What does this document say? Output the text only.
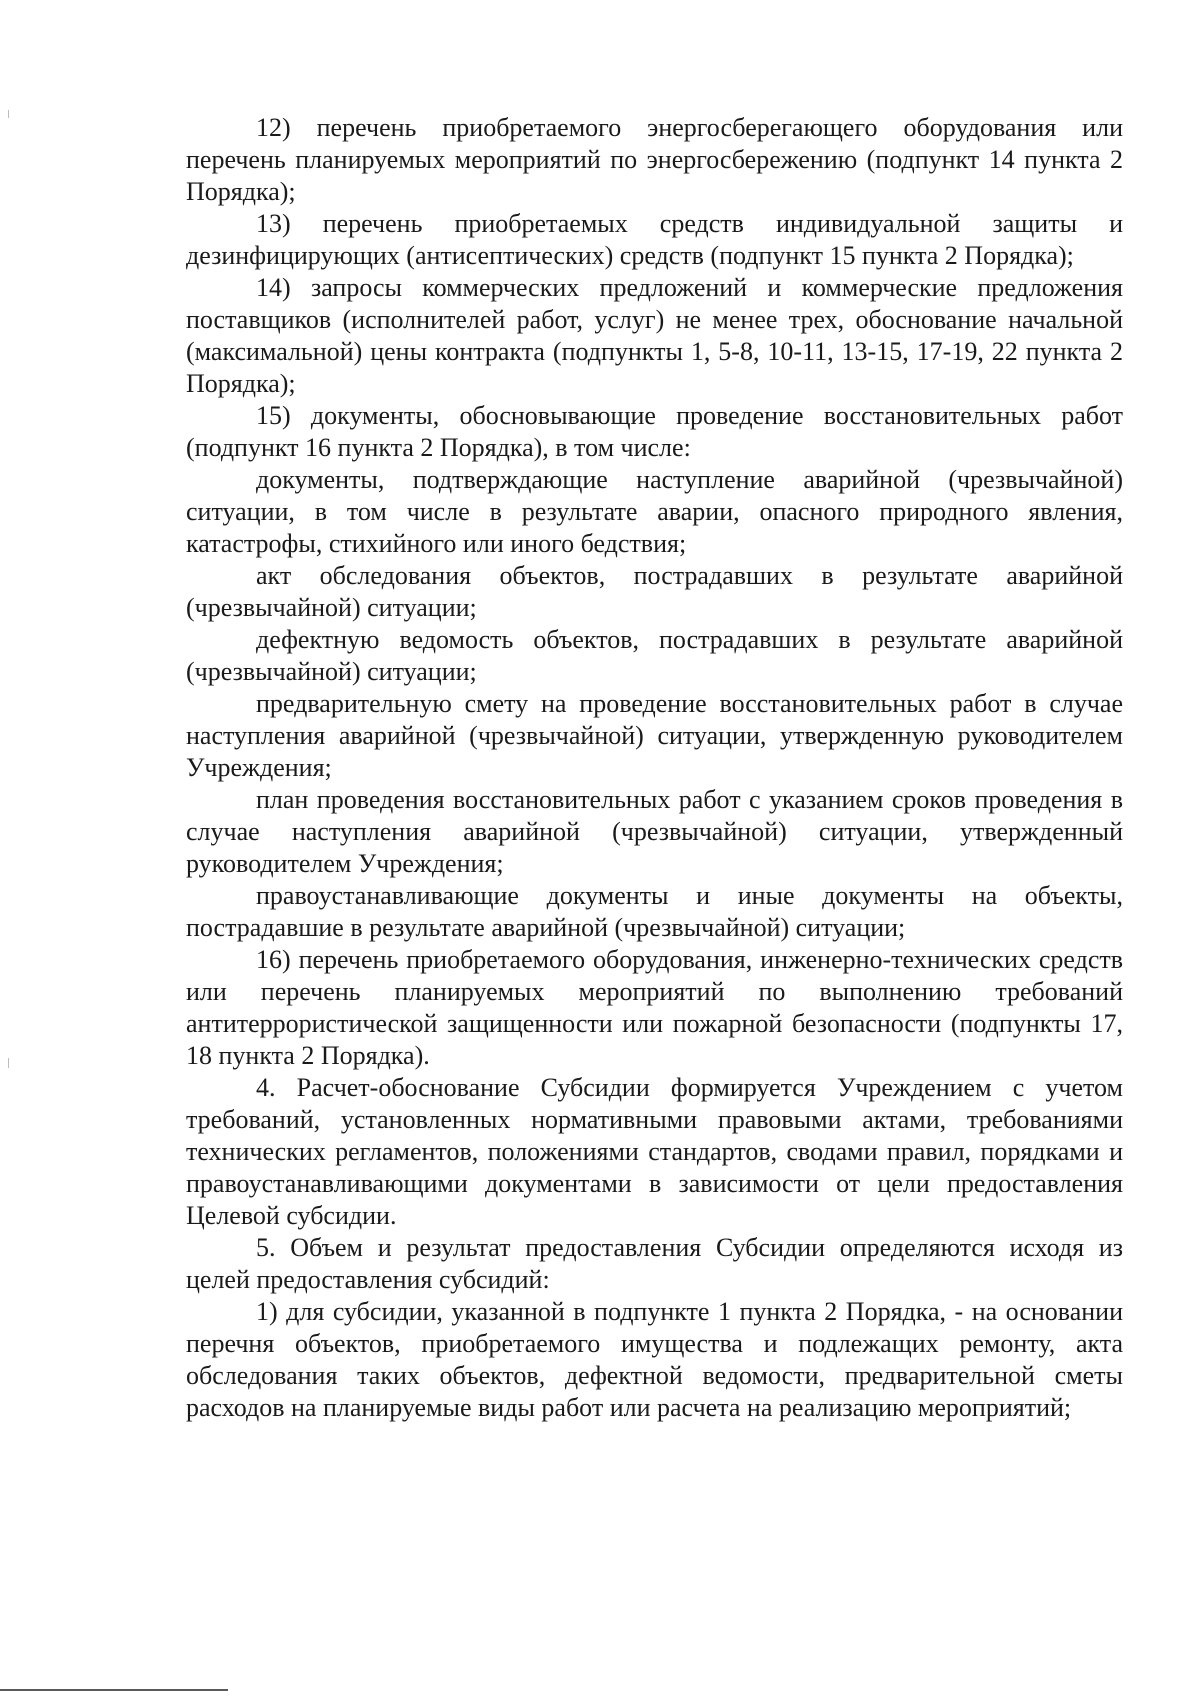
12) перечень приобретаемого энергосберегающего оборудования или перечень планируемых мероприятий по энергосбережению (подпункт 14 пункта 2 Порядка);

13) перечень приобретаемых средств индивидуальной защиты и дезинфицирующих (антисептических) средств (подпункт 15 пункта 2 Порядка);

14) запросы коммерческих предложений и коммерческие предложения поставщиков (исполнителей работ, услуг) не менее трех, обоснование начальной (максимальной) цены контракта (подпункты 1, 5-8, 10-11, 13-15, 17-19, 22 пункта 2 Порядка);

15) документы, обосновывающие проведение восстановительных работ (подпункт 16 пункта 2 Порядка), в том числе:

документы, подтверждающие наступление аварийной (чрезвычайной) ситуации, в том числе в результате аварии, опасного природного явления, катастрофы, стихийного или иного бедствия;

акт обследования объектов, пострадавших в результате аварийной (чрезвычайной) ситуации;

дефектную ведомость объектов, пострадавших в результате аварийной (чрезвычайной) ситуации;

предварительную смету на проведение восстановительных работ в случае наступления аварийной (чрезвычайной) ситуации, утвержденную руководителем Учреждения;

план проведения восстановительных работ с указанием сроков проведения в случае наступления аварийной (чрезвычайной) ситуации, утвержденный руководителем Учреждения;

правоустанавливающие документы и иные документы на объекты, пострадавшие в результате аварийной (чрезвычайной) ситуации;

16) перечень приобретаемого оборудования, инженерно-технических средств или перечень планируемых мероприятий по выполнению требований антитеррористической защищенности или пожарной безопасности (подпункты 17, 18 пункта 2 Порядка).

4. Расчет-обоснование Субсидии формируется Учреждением с учетом требований, установленных нормативными правовыми актами, требованиями технических регламентов, положениями стандартов, сводами правил, порядками и правоустанавливающими документами в зависимости от цели предоставления Целевой субсидии.

5. Объем и результат предоставления Субсидии определяются исходя из целей предоставления субсидий:

1) для субсидии, указанной в подпункте 1 пункта 2 Порядка, - на основании перечня объектов, приобретаемого имущества и подлежащих ремонту, акта обследования таких объектов, дефектной ведомости, предварительной сметы расходов на планируемые виды работ или расчета на реализацию мероприятий;
